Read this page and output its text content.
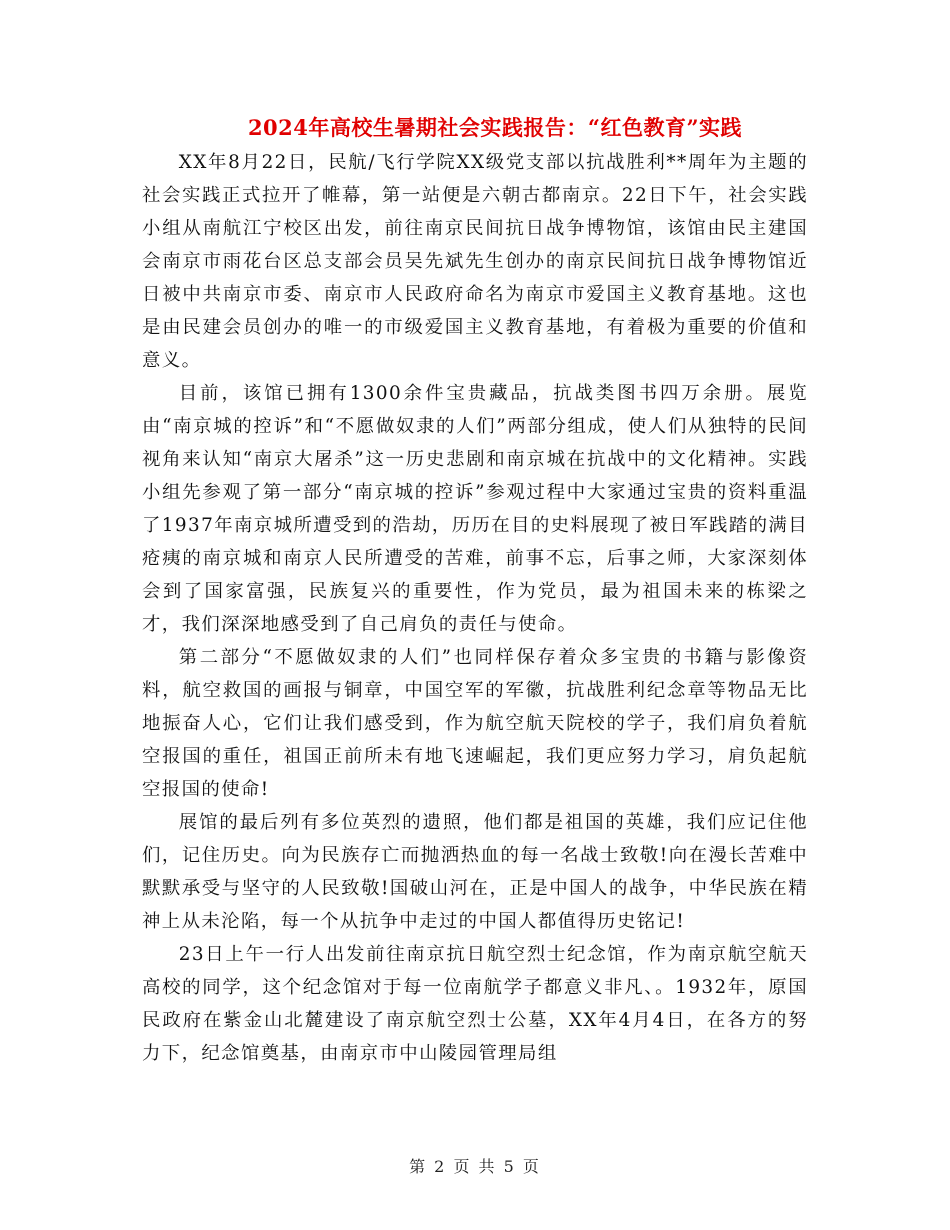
2024年高校生暑期社会实践报告：“红色教育”实践

XX年8月22日，民航/飞行学院XX级党支部以抗战胜利**周年为主题的社会实践正式拉开了帷幕，第一站便是六朝古都南京。22日下午，社会实践小组从南航江宁校区出发，前往南京民间抗日战争博物馆，该馆由民主建国会南京市雨花台区总支部会员吴先斌先生创办的南京民间抗日战争博物馆近日被中共南京市委、南京市人民政府命名为南京市爱国主义教育基地。这也是由民建会员创办的唯一的市级爱国主义教育基地，有着极为重要的价值和意义。

目前，该馆已拥有1300余件宝贵藏品，抗战类图书四万余册。展览由“南京城的控诉”和“不愿做奴隶的人们”两部分组成，使人们从独特的民间视角来认知“南京大屠杀”这一历史悲剧和南京城在抗战中的文化精神。实践小组先参观了第一部分“南京城的控诉”参观过程中大家通过宝贵的资料重温了1937年南京城所遭受到的浩劫，历历在目的史料展现了被日军践踏的满目疮痍的南京城和南京人民所遭受的苦难，前事不忘，后事之师，大家深刻体会到了国家富强，民族复兴的重要性，作为党员，最为祖国未来的栋梁之才，我们深深地感受到了自己肩负的责任与使命。

第二部分“不愿做奴隶的人们”也同样保存着众多宝贵的书籍与影像资料，航空救国的画报与铜章，中国空军的军徽，抗战胜利纪念章等物品无比地振奋人心，它们让我们感受到，作为航空航天院校的学子，我们肩负着航空报国的重任，祖国正前所未有地飞速崛起，我们更应努力学习，肩负起航空报国的使命!

展馆的最后列有多位英烈的遗照，他们都是祖国的英雄，我们应记住他们，记住历史。向为民族存亡而抛洒热血的每一名战士致敬!向在漫长苦难中默默承受与坚守的人民致敬!国破山河在，正是中国人的战争，中华民族在精神上从未沦陷，每一个从抗争中走过的中国人都值得历史铭记!

23日上午一行人出发前往南京抗日航空烈士纪念馆，作为南京航空航天高校的同学，这个纪念馆对于每一位南航学子都意义非凡、。1932年，原国民政府在紫金山北麓建设了南京航空烈士公墓，XX年4月4日，在各方的努力下，纪念馆奠基，由南京市中山陵园管理局组

第 2 页 共 5 页
